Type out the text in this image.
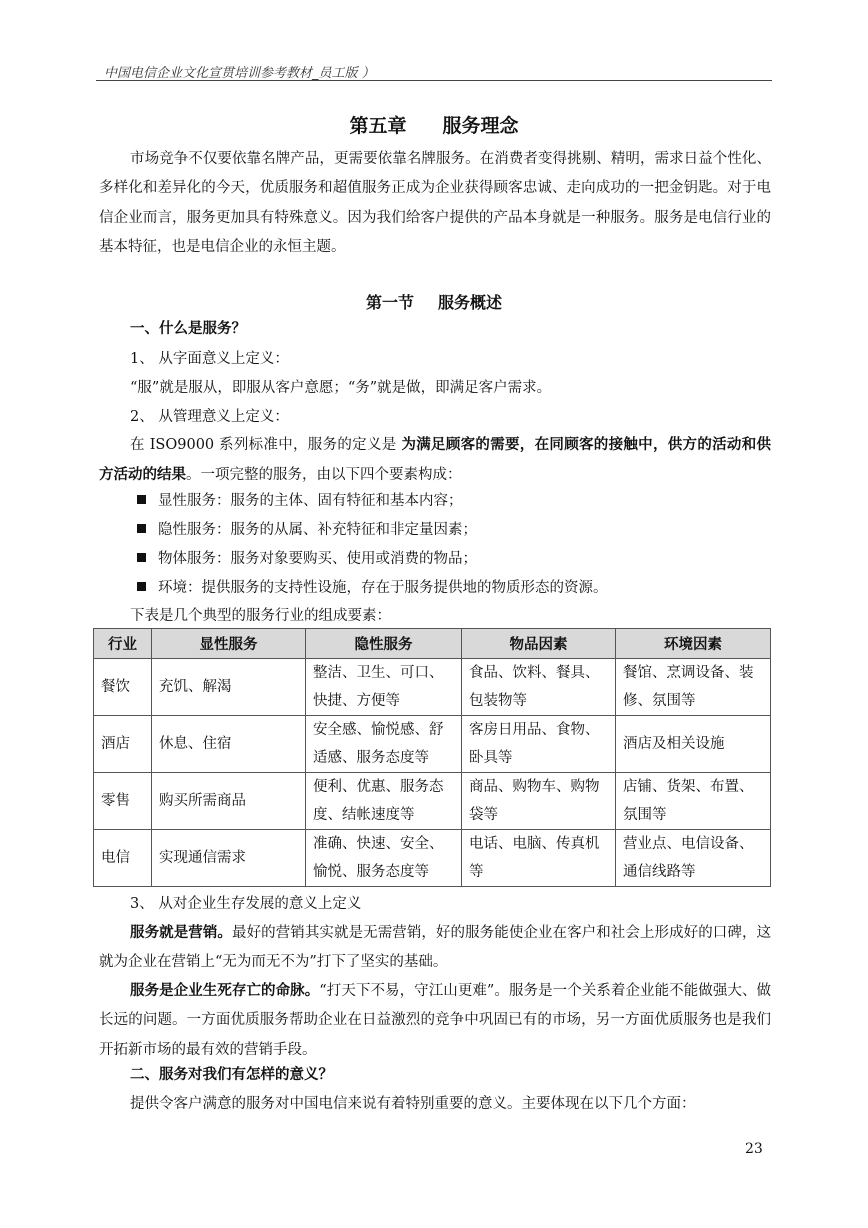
中国电信企业文化宣贯培训参考教材_员工版 ）
第五章 服务理念

市场竞争不仅要依靠名牌产品，更需要依靠名牌服务。在消费者变得挑剔、精明，需求日益个性化、多样化和差异化的今天，优质服务和超值服务正成为企业获得顾客忠诚、走向成功的一把金钥匙。对于电信企业而言，服务更加具有特殊意义。因为我们给客户提供的产品本身就是一种服务。服务是电信行业的基本特征，也是电信企业的永恒主题。

第一节 服务概述
一、什么是服务？
1、 从字面意义上定义：
“服”就是服从，即服从客户意愿；“务”就是做，即满足客户需求。
2、 从管理意义上定义：

在 ISO9000 系列标准中，服务的定义是 为满足顾客的需要，在同顾客的接触中，供方的活动和供方活动的结果。一项完整的服务，由以下四个要素构成：

显性服务：服务的主体、固有特征和基本内容；
隐性服务：服务的从属、补充特征和非定量因素；
物体服务：服务对象要购买、使用或消费的物品；
环境：提供服务的支持性设施，存在于服务提供地的物质形态的资源。
下表是几个典型的服务行业的组成要素：
行业	显性服务	隐性服务	物品因素	环境因素
餐饮	充饥、解渴	整洁、卫生、可口、快捷、方便等	食品、饮料、餐具、包装物等	餐馆、烹调设备、装修、氛围等
酒店	休息、住宿	安全感、愉悦感、舒适感、服务态度等	客房日用品、食物、卧具等	酒店及相关设施
零售	购买所需商品	便利、优惠、服务态度、结帐速度等	商品、购物车、购物袋等	店铺、货架、布置、氛围等
电信	实现通信需求	准确、快速、安全、愉悦、服务态度等	电话、电脑、传真机等	营业点、电信设备、通信线路等
3、 从对企业生存发展的意义上定义

服务就是营销。最好的营销其实就是无需营销，好的服务能使企业在客户和社会上形成好的口碑，这就为企业在营销上“无为而无不为”打下了坚实的基础。

服务是企业生死存亡的命脉。“打天下不易，守江山更难”。服务是一个关系着企业能不能做强大、做长远的问题。一方面优质服务帮助企业在日益激烈的竞争中巩固已有的市场，另一方面优质服务也是我们开拓新市场的最有效的营销手段。

二、服务对我们有怎样的意义？
提供令客户满意的服务对中国电信来说有着特别重要的意义。主要体现在以下几个方面：
23
